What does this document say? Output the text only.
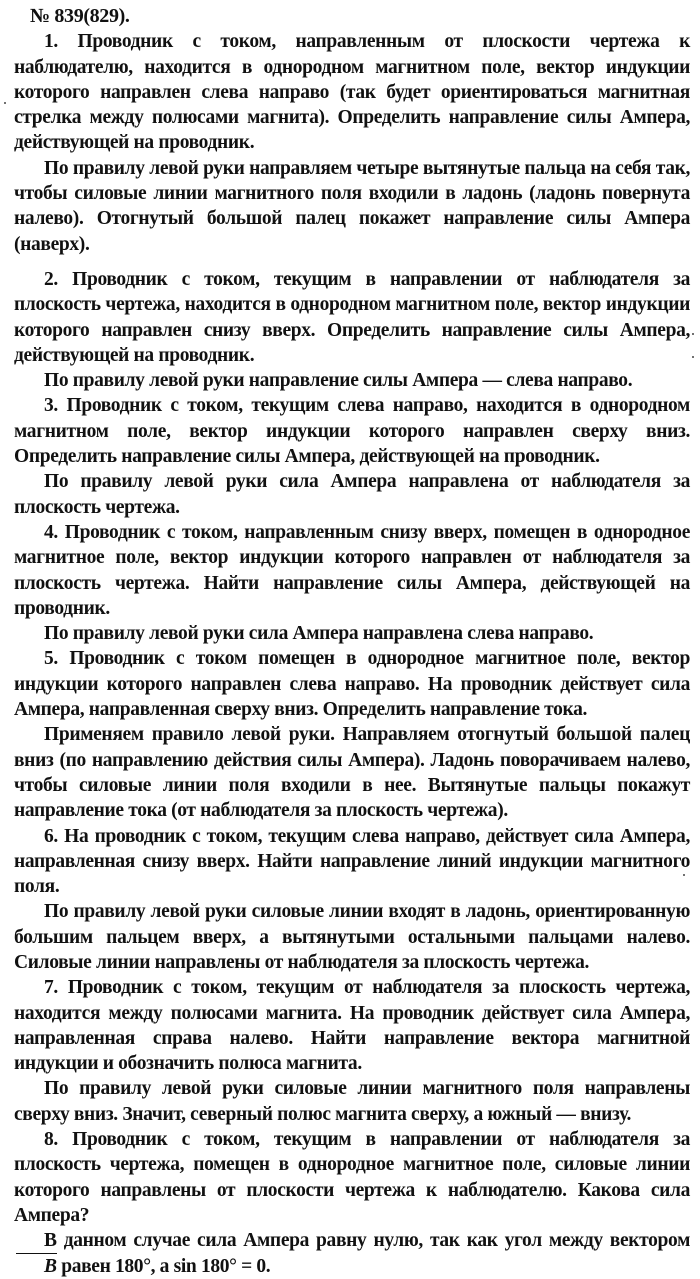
№ 839(829).

1. Проводник с током, направленным от плоскости чертежа к наблюдателю, находится в однородном магнитном поле, вектор индукции которого направлен слева направо (так будет ориентироваться магнитная стрелка между полюсами магнита). Определить направление силы Ампера, действующей на проводник.

По правилу левой руки направляем четыре вытянутые пальца на себя так, чтобы силовые линии магнитного поля входили в ладонь (ладонь повернута налево). Отогнутый большой палец покажет направление силы Ампера (наверх).

2. Проводник с током, текущим в направлении от наблюдателя за плоскость чертежа, находится в однородном магнитном поле, вектор индукции которого направлен снизу вверх. Определить направление силы Ампера, действующей на проводник.

По правилу левой руки направление силы Ампера — слева направо.

3. Проводник с током, текущим слева направо, находится в однородном магнитном поле, вектор индукции которого направлен сверху вниз. Определить направление силы Ампера, действующей на проводник.

По правилу левой руки сила Ампера направлена от наблюдателя за плоскость чертежа.

4. Проводник с током, направленным снизу вверх, помещен в однородное магнитное поле, вектор индукции которого направлен от наблюдателя за плоскость чертежа. Найти направление силы Ампера, действующей на проводник.

По правилу левой руки сила Ампера направлена слева направо.

5. Проводник с током помещен в однородное магнитное поле, вектор индукции которого направлен слева направо. На проводник действует сила Ампера, направленная сверху вниз. Определить направление тока.

Применяем правило левой руки. Направляем отогнутый большой палец вниз (по направлению действия силы Ампера). Ладонь поворачиваем налево, чтобы силовые линии поля входили в нее. Вытянутые пальцы покажут направление тока (от наблюдателя за плоскость чертежа).

6. На проводник с током, текущим слева направо, действует сила Ампера, направленная снизу вверх. Найти направление линий индукции магнитного поля.

По правилу левой руки силовые линии входят в ладонь, ориентированную большим пальцем вверх, а вытянутыми остальными пальцами налево. Силовые линии направлены от наблюдателя за плоскость чертежа.

7. Проводник с током, текущим от наблюдателя за плоскость чертежа, находится между полюсами магнита. На проводник действует сила Ампера, направленная справа налево. Найти направление вектора магнитной индукции и обозначить полюса магнита.

По правилу левой руки силовые линии магнитного поля направлены сверху вниз. Значит, северный полюс магнита сверху, а южный — внизу.

8. Проводник с током, текущим в направлении от наблюдателя за плоскость чертежа, помещен в однородное магнитное поле, силовые линии которого направлены от плоскости чертежа к наблюдателю. Какова сила Ампера?

В данном случае сила Ампера равну нулю, так как угол между вектором B равен 180°, а sin 180° = 0.
